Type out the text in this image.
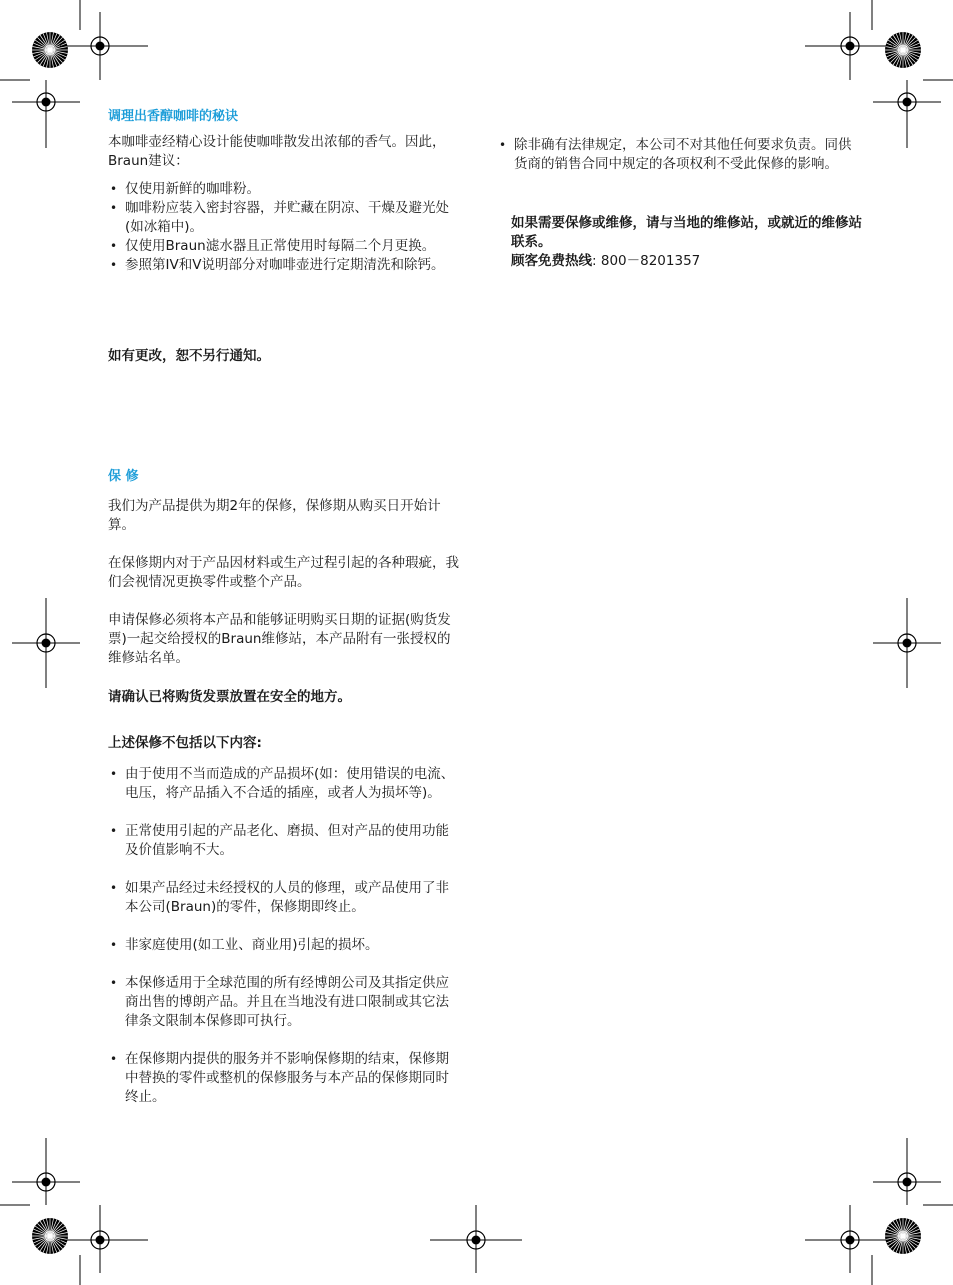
调理出香醇咖啡的秘诀

本咖啡壶经精心设计能使咖啡散发出浓郁的香气。因此，Braun建议：

• 仅使用新鲜的咖啡粉。
• 咖啡粉应装入密封容器，并贮藏在阴凉、干燥及避光处(如冰箱中)。
• 仅使用Braun滤水器且正常使用时每隔二个月更换。
• 参照第IV和V说明部分对咖啡壶进行定期清洗和除钙。

如有更改，恕不另行通知。

保 修

我们为产品提供为期2年的保修，保修期从购买日开始计算。

在保修期内对于产品因材料或生产过程引起的各种瑕疵，我们会视情况更换零件或整个产品。

申请保修必须将本产品和能够证明购买日期的证据(购货发票)一起交给授权的Braun维修站，本产品附有一张授权的维修站名单。

请确认已将购货发票放置在安全的地方。

上述保修不包括以下内容:

• 由于使用不当而造成的产品损坏(如：使用错误的电流、电压，将产品插入不合适的插座，或者人为损坏等)。
• 正常使用引起的产品老化、磨损、但对产品的使用功能及价值影响不大。
• 如果产品经过未经授权的人员的修理，或产品使用了非本公司(Braun)的零件，保修期即终止。
• 非家庭使用(如工业、商业用)引起的损坏。
• 本保修适用于全球范围的所有经博朗公司及其指定供应商出售的博朗产品。并且在当地没有进口限制或其它法律条文限制本保修即可执行。
• 在保修期内提供的服务并不影响保修期的结束，保修期中替换的零件或整机的保修服务与本产品的保修期同时终止。
• 除非确有法律规定，本公司不对其他任何要求负责。同供货商的销售合同中规定的各项权利不受此保修的影响。

如果需要保修或维修，请与当地的维修站，或就近的维修站联系。

顾客免费热线: 800－8201357
